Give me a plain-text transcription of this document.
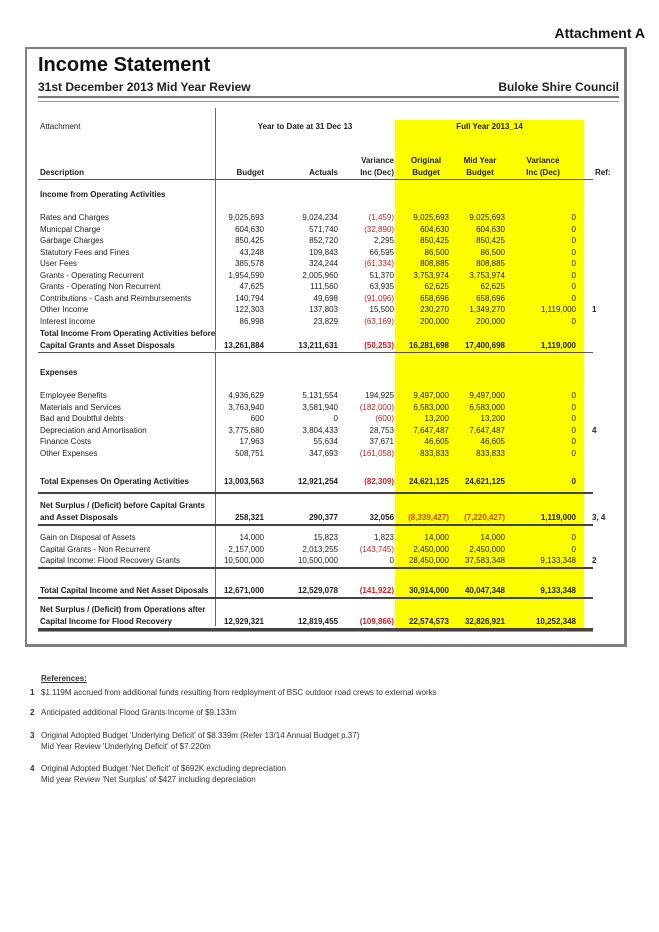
Attachment A
Income Statement
31st December 2013 Mid Year Review	Buloke Shire Council
Attachment	Year to Date at 31 Dec 13	Full Year 2013_14
Description	Budget	Actuals
Variance
Inc (Dec)
Original
Budget
Mid Year
Budget
Variance
Inc (Dec)	Ref:
Income from Operating Activities
Rates and Charges	9,025,693	9,024,234	(1,459) 9,025,693	9,025,693	0
Municpal Charge	604,630	571,740	(32,890)	604,630	604,630	0
Garbage Charges	850,425	852,720	2,295	850,425	850,425	0
Statutory Fees and Fines	43,248	109,843	66,595	86,500	86,500	0
User Fees	385,578	324,244	(61,334)	808,885	808,885	0
Grants - Operating Recurrent	1,954,590	2,005,960	51,370 3,753,974	3,753,974	0
Grants - Operating Non Recurrent	47,625	111,560	63,935	62,625	62,625	0
Contributions - Cash and Reimbursements	140,794	49,698	(91,096)	658,696	658,696	0
Other Income	122,303	137,803	15,500	230,270	1,349,270	1,119,000 1
Interest Income	86,998	23,829	(63,169)	200,000	200,000	0
Total Income From Operating Activities before
Capital Grants and Asset Disposals	13,261,884	13,211,631	(50,253) 16,281,698 17,400,698	1,119,000
Expenses
Employee Benefits	4,936,629	5,131,554	194,925 9,497,000	9,497,000	0
Materials and Services	3,763,940	3,581,940	(182,000) 6,583,000	6,583,000	0
Bad and Doubtful debts	600	0	(600)	13,200	13,200	0
Depreciation and Amortisation	3,775,680	3,804,433	28,753 7,647,487	7,647,487	0 4
Finance Costs	17,963	55,634	37,671	46,605	46,605	0
Other Expenses	508,751	347,693	(161,058)	833,833	833,833	0
Total Expenses On Operating Activities	13,003,563	12,921,254	(82,309) 24,621,125 24,621,125	0
Net Surplus / (Deficit) before Capital Grants
and Asset Disposals	258,321	290,377	32,056 (8,339,427) (7,220,427)	1,119,000 3, 4
Gain on Disposal of Assets	14,000	15,823	1,823	14,000	14,000	0
Capital Grants - Non Recurrent	2,157,000	2,013,255	(143,745) 2,450,000	2,450,000	0
Capital Income: Flood Recovery Grants	10,500,000	10,500,000	0 28,450,000 37,583,348	9,133,348 2
Total Capital Income and Net Asset Diposals 12,671,000	12,529,078	(141,922) 30,914,000 40,047,348	9,133,348
Net Surplus / (Deficit) from Operations after
Capital Income for Flood Recovery	12,929,321	12,819,455	(109,866) 22,574,573 32,826,921	10,252,348
References:
1 $1.119M accrued from additional funds resulting from redployment of BSC outdoor road crews to external works
2 Anticipated additional Flood Grants Income of $9.133m
3 Original Adopted Budget 'Underlying Deficit' of $8.339m (Refer 13/14 Annual Budget p.37)
Mid Year Review 'Underlying Deficit' of $7.220m
4 Original Adopted Budget 'Net Deficit' of $692K excluding depreciation
Mid year Review 'Net Surplus' of $427 including depreciation
